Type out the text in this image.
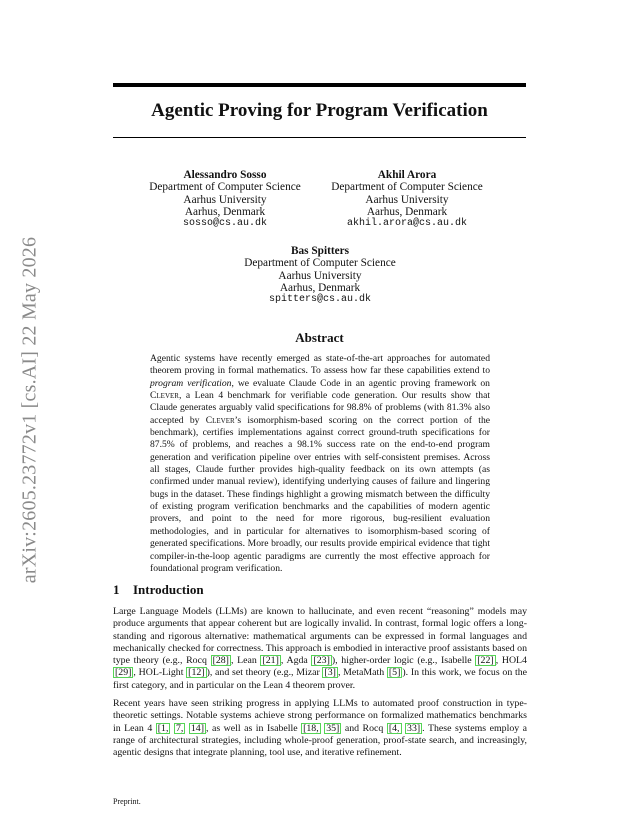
arXiv:2605.23772v1 [cs.AI] 22 May 2026
Agentic Proving for Program Verification
Alessandro Sosso
Department of Computer Science
Aarhus University
Aarhus, Denmark
sosso@cs.au.dk
Akhil Arora
Department of Computer Science
Aarhus University
Aarhus, Denmark
akhil.arora@cs.au.dk
Bas Spitters
Department of Computer Science
Aarhus University
Aarhus, Denmark
spitters@cs.au.dk
Abstract

Agentic systems have recently emerged as state-of-the-art approaches for automated theorem proving in formal mathematics. To assess how far these capabilities extend to program verification, we evaluate Claude Code in an agentic proving framework on Clever, a Lean 4 benchmark for verifiable code generation. Our results show that Claude generates arguably valid specifications for 98.8% of problems (with 81.3% also accepted by Clever’s isomorphism-based scoring on the correct portion of the benchmark), certifies implementations against correct ground-truth specifications for 87.5% of problems, and reaches a 98.1% success rate on the end-to-end program generation and verification pipeline over entries with self-consistent premises. Across all stages, Claude further provides high-quality feedback on its own attempts (as confirmed under manual review), identifying underlying causes of failure and lingering bugs in the dataset. These findings highlight a growing mismatch between the difficulty of existing program verification benchmarks and the capabilities of modern agentic provers, and point to the need for more rigorous, bug-resilient evaluation methodologies, and in particular for alternatives to isomorphism-based scoring of generated specifications. More broadly, our results provide empirical evidence that tight compiler-in-the-loop agentic paradigms are currently the most effective approach for foundational program verification.

1 Introduction

Large Language Models (LLMs) are known to hallucinate, and even recent “reasoning” models may produce arguments that appear coherent but are logically invalid. In contrast, formal logic offers a long-standing and rigorous alternative: mathematical arguments can be expressed in formal languages and mechanically checked for correctness. This approach is embodied in interactive proof assistants based on type theory (e.g., Rocq [28] , Lean [21] , Agda [23] ), higher-order logic (e.g., Isabelle [22] , HOL4 [29] , HOL-Light [12] ), and set theory (e.g., Mizar [3] , MetaMath [5] ). In this work, we focus on the first category, and in particular on the Lean 4 theorem prover.

Recent years have seen striking progress in applying LLMs to automated proof construction in type-theoretic settings. Notable systems achieve strong performance on formalized mathematics benchmarks in Lean 4 [1, 7, 14] , as well as in Isabelle [18, 35] and Rocq [4, 33] . These systems employ a range of architectural strategies, including whole-proof generation, proof-state search, and increasingly, agentic designs that integrate planning, tool use, and iterative refinement.

Preprint.
